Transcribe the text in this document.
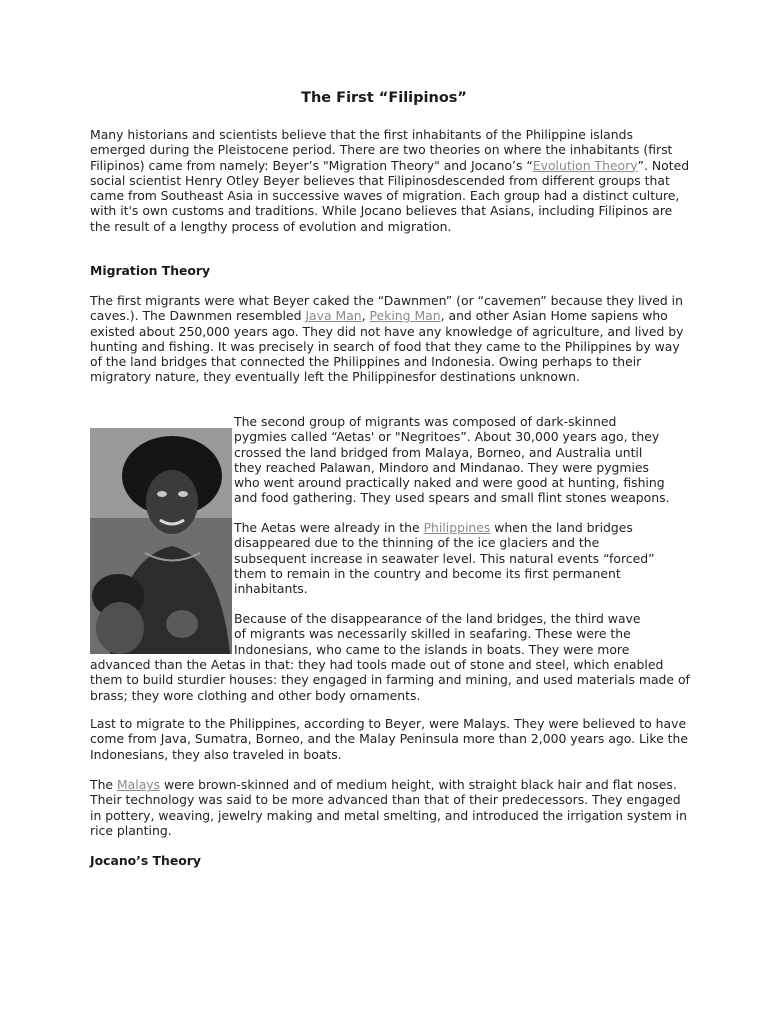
The First “Filipinos”

Many historians and scientists believe that the first inhabitants of the Philippine islands emerged during the Pleistocene period. There are two theories on where the inhabitants (first Filipinos) came from namely: Beyer’s "Migration Theory" and Jocano’s “Evolution Theory”. Noted social scientist Henry Otley Beyer believes that Filipinosdescended from different groups that came from Southeast Asia in successive waves of migration. Each group had a distinct culture, with it's own customs and traditions. While Jocano believes that Asians, including Filipinos are the result of a lengthy process of evolution and migration.

Migration Theory

The first migrants were what Beyer caked the “Dawnmen” (or “cavemen” because they lived in caves.). The Dawnmen resembled Java Man, Peking Man, and other Asian Home sapiens who existed about 250,000 years ago. They did not have any knowledge of agriculture, and lived by hunting and fishing. It was precisely in search of food that they came to the Philippines by way of the land bridges that connected the Philippines and Indonesia. Owing perhaps to their migratory nature, they eventually left the Philippinesfor destinations unknown.

The second group of migrants was composed of dark-skinned
pygmies called “Aetas' or "Negritoes”. About 30,000 years ago, they
crossed the land bridged from Malaya, Borneo, and Australia until
they reached Palawan, Mindoro and Mindanao. They were pygmies
who went around practically naked and were good at hunting, fishing
and food gathering. They used spears and small flint stones weapons.
The Aetas were already in the Philippines when the land bridges
disappeared due to the thinning of the ice glaciers and the
subsequent increase in seawater level. This natural events “forced”
them to remain in the country and become its first permanent
inhabitants.
Because of the disappearance of the land bridges, the third wave
of migrants was necessarily skilled in seafaring. These were the
Indonesians, who came to the islands in boats. They were more
advanced than the Aetas in that: they had tools made out of stone and steel, which enabled them to build sturdier houses: they engaged in farming and mining, and used materials made of brass; they wore clothing and other body ornaments.
Last to migrate to the Philippines, according to Beyer, were Malays. They were believed to have come from Java, Sumatra, Borneo, and the Malay Peninsula more than 2,000 years ago. Like the Indonesians, they also traveled in boats.

The Malays were brown-skinned and of medium height, with straight black hair and flat noses. Their technology was said to be more advanced than that of their predecessors. They engaged in pottery, weaving, jewelry making and metal smelting, and introduced the irrigation system in rice planting.

Jocano’s Theory
